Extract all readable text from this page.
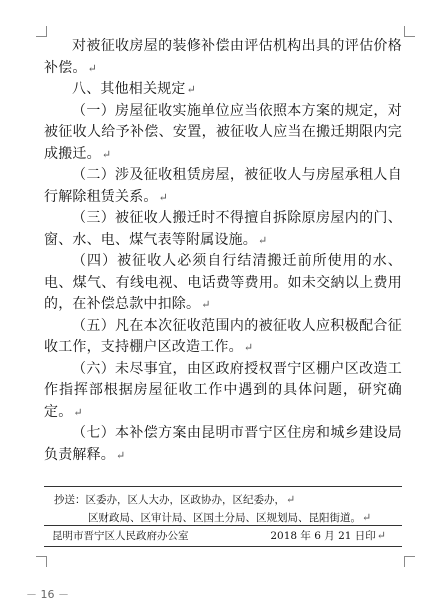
对被征收房屋的装修补偿由评估机构出具的评估价格补偿。↵

八、其他相关规定↵

（一）房屋征收实施单位应当依照本方案的规定，对被征收人给予补偿、安置，被征收人应当在搬迁期限内完成搬迁。↵

（二）涉及征收租赁房屋，被征收人与房屋承租人自行解除租赁关系。↵

（三）被征收人搬迁时不得擅自拆除原房屋内的门、窗、水、电、煤气表等附属设施。↵

（四）被征收人必须自行结清搬迁前所使用的水、电、煤气、有线电视、电话费等费用。如未交納以上费用的，在补偿总款中扣除。↵

（五）凡在本次征收范围内的被征收人应积极配合征收工作，支持棚户区改造工作。↵

（六）未尽事宜，由区政府授权晋宁区棚户区改造工作指挥部根据房屋征收工作中遇到的具体问题，研究确定。↵

（七）本补偿方案由昆明市晋宁区住房和城乡建设局负责解释。↵

抄送：区委办，区人大办，区政协办，区纪委办，↵

区财政局、区审计局、区国土分局、区规划局、昆阳街道。↵

昆明市晋宁区人民政府办公室	2018 年 6 月 21 日印↵
－ 16 －
